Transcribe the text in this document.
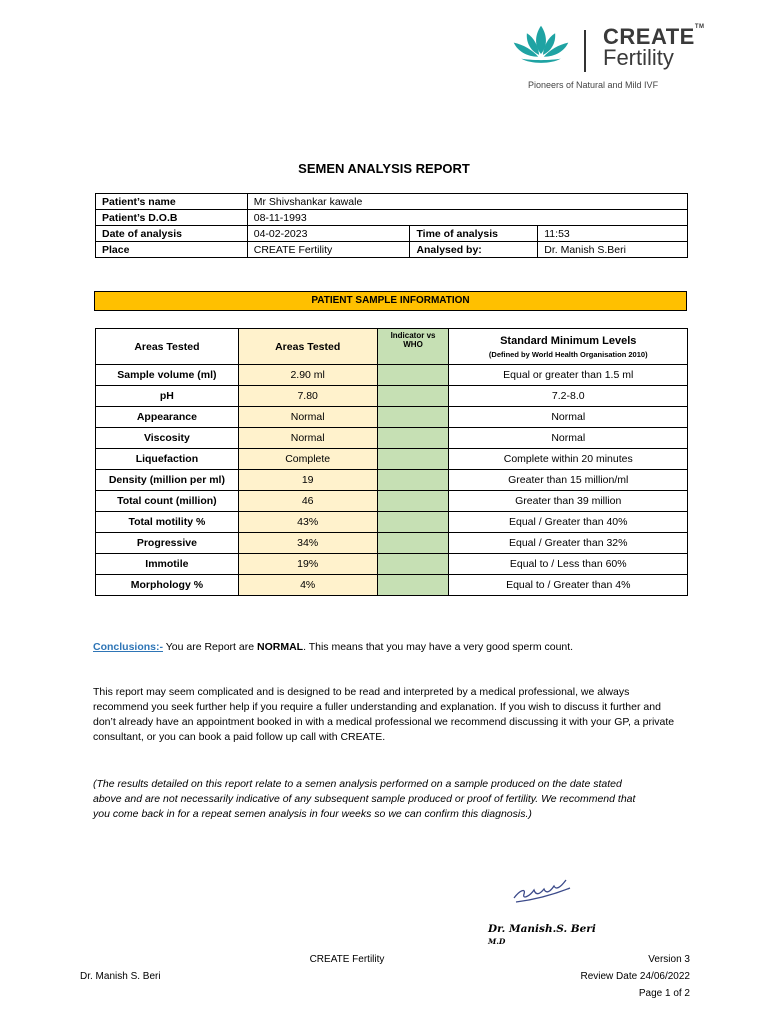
CREATE™
Fertility
Pioneers of Natural and Mild IVF
SEMEN ANALYSIS REPORT
Patient’s name	Mr Shivshankar kawale		
Patient’s D.O.B	08-11-1993		
Date of analysis	04-02-2023	Time of analysis	11:53
Place	CREATE Fertility	Analysed by:	Dr. Manish S.Beri
PATIENT SAMPLE INFORMATION
Areas Tested	Areas Tested	Indicator vs WHO	Standard Minimum Levels
(Defined by World Health Organisation 2010)

Sample volume (ml)	2.90 ml		Equal or greater than 1.5 ml
pH	7.80		7.2-8.0
Appearance	Normal		Normal
Viscosity	Normal		Normal
Liquefaction	Complete		Complete within 20 minutes
Density (million per ml)	19		Greater than 15 million/ml
Total count (million)	46		Greater than 39 million
Total motility %	43%		Equal / Greater than 40%
Progressive	34%		Equal / Greater than 32%
Immotile	19%		Equal to / Less than 60%
Morphology %	4%		Equal to / Greater than 4%
Conclusions:- You are Report are NORMAL. This means that you may have a very good sperm count.
This report may seem complicated and is designed to be read and interpreted by a medical professional, we always recommend you seek further help if you require a fuller understanding and explanation. If you wish to discuss it further and don’t already have an appointment booked in with a medical professional we recommend discussing it with your GP, a private consultant, or you can book a paid follow up call with CREATE.
(The results detailed on this report relate to a semen analysis performed on a sample produced on the date stated above and are not necessarily indicative of any subsequent sample produced or proof of fertility. We recommend that you come back in for a repeat semen analysis in four weeks so we can confirm this diagnosis.)
Dr. Manish.S. Beri
M.D
CREATE Fertility
Dr. Manish S. Beri
Version 3
Review Date 24/06/2022
Page 1 of 2
